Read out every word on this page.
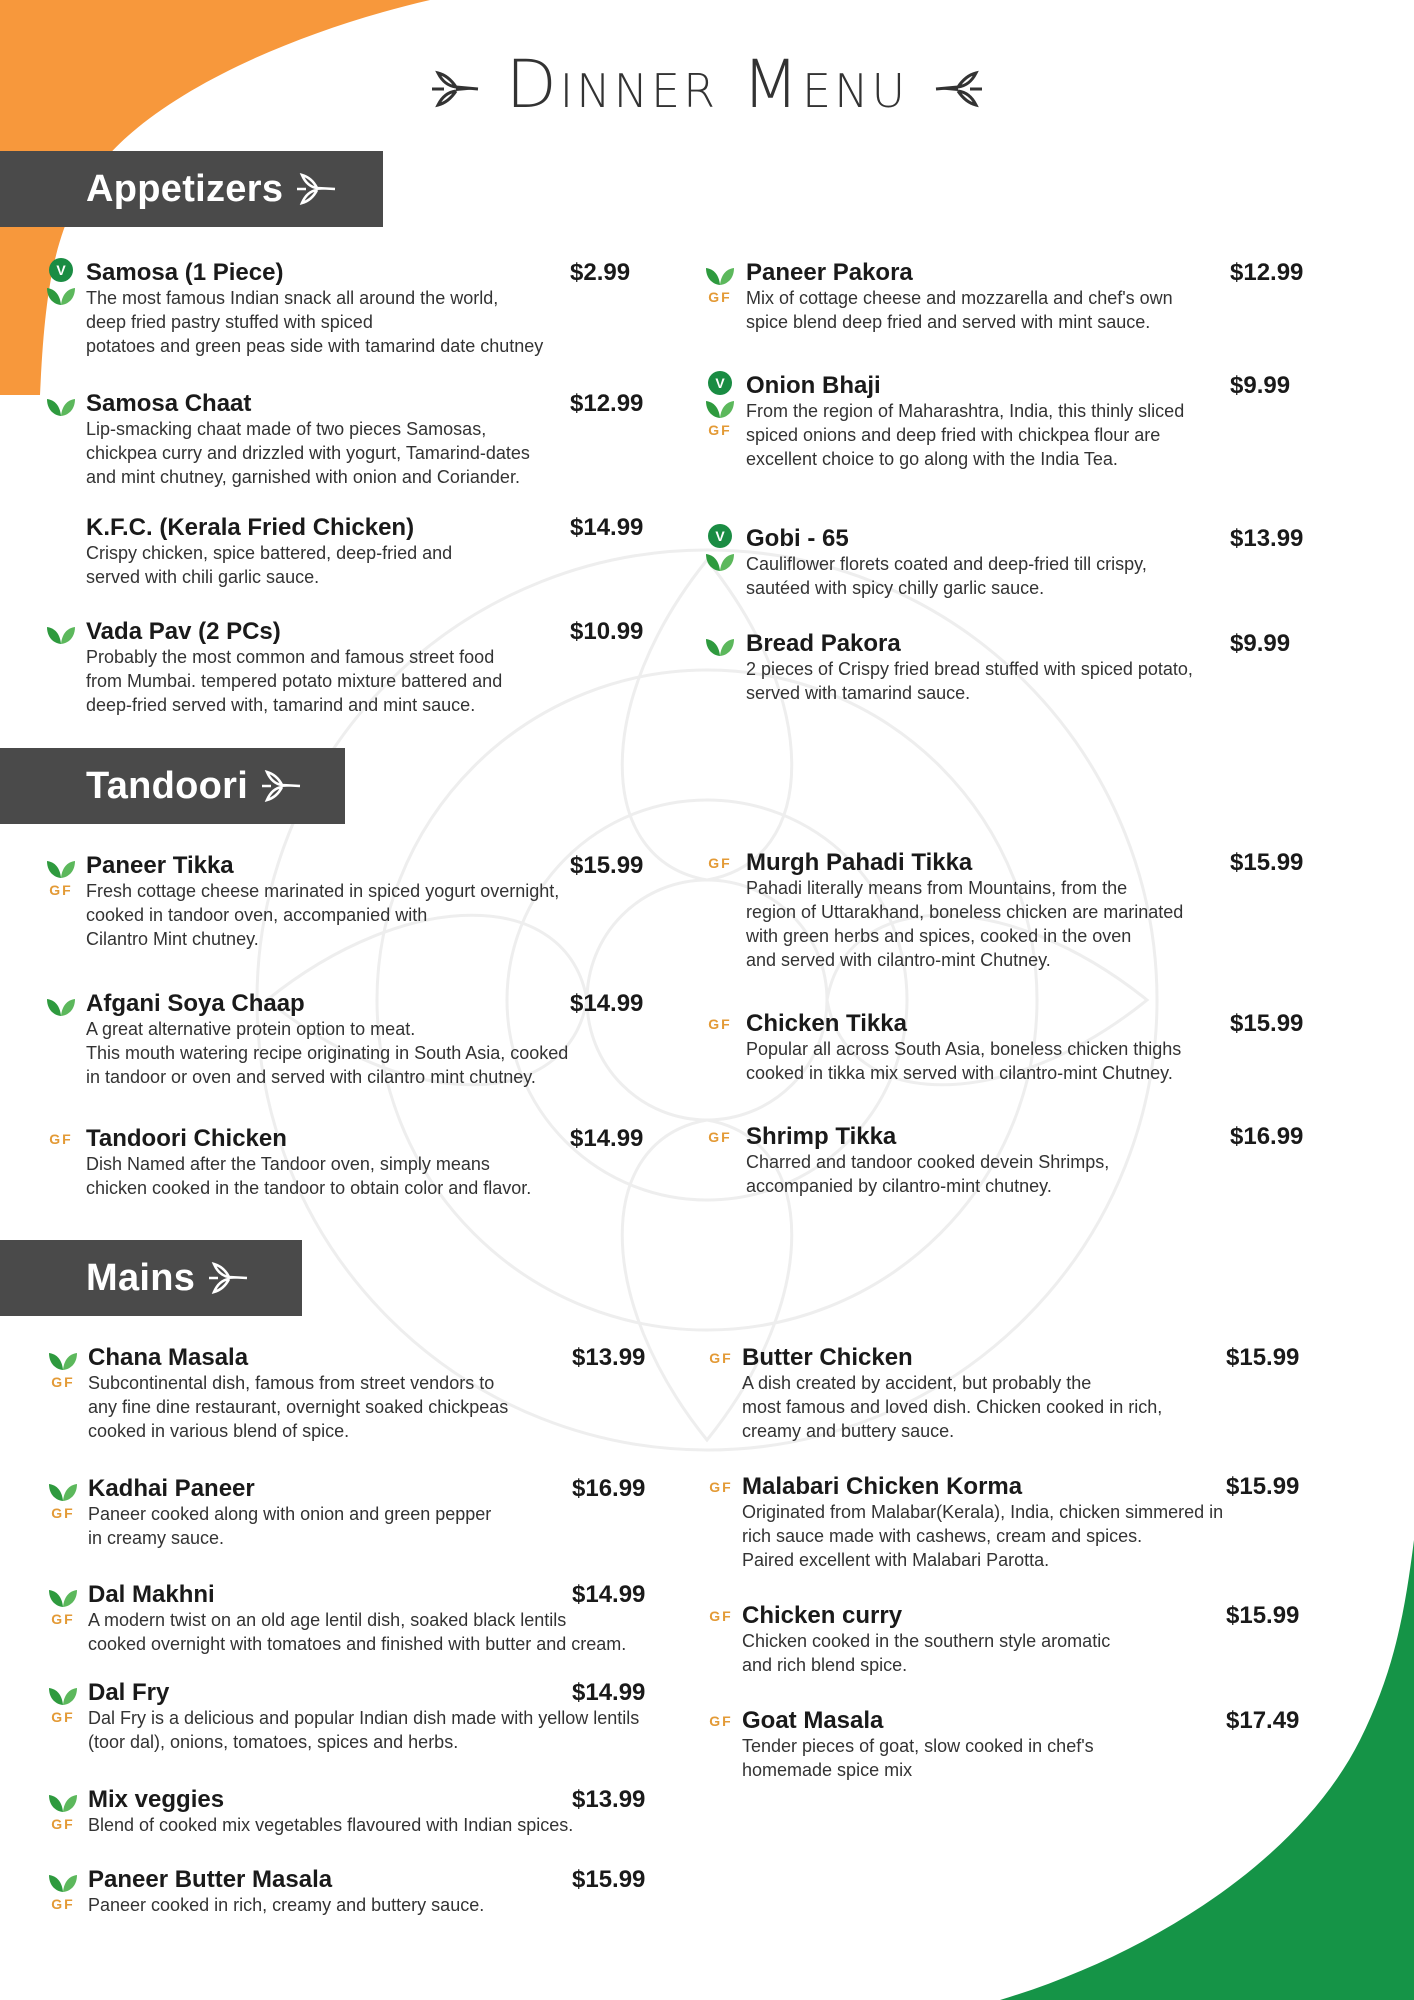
Dinner Menu
Appetizers
Tandoori
Mains
Samosa (1 Piece)	$2.99
The most famous Indian snack all around the world,
deep fried pastry stuffed with spiced
potatoes and green peas side with tamarind date chutney
V
Samosa Chaat	$12.99
Lip-smacking chaat made of two pieces Samosas,
chickpea curry and drizzled with yogurt, Tamarind-dates
and mint chutney, garnished with onion and Coriander.
K.F.C. (Kerala Fried Chicken)	$14.99
Crispy chicken, spice battered, deep-fried and
served with chili garlic sauce.
Vada Pav (2 PCs)	$10.99
Probably the most common and famous street food
from Mumbai. tempered potato mixture battered and
deep-fried served with, tamarind and mint sauce.
Paneer Pakora	$12.99
Mix of cottage cheese and mozzarella and chef's own
spice blend deep fried and served with mint sauce.
GF
Onion Bhaji	$9.99
From the region of Maharashtra, India, this thinly sliced
spiced onions and deep fried with chickpea flour are
excellent choice to go along with the India Tea.
V
GF
Gobi - 65	$13.99
Cauliflower florets coated and deep-fried till crispy,
sautéed with spicy chilly garlic sauce.
V
Bread Pakora	$9.99
2 pieces of Crispy fried bread stuffed with spiced potato,
served with tamarind sauce.
Paneer Tikka	$15.99
Fresh cottage cheese marinated in spiced yogurt overnight,
cooked in tandoor oven, accompanied with
Cilantro Mint chutney.
GF
Afgani Soya Chaap	$14.99
A great alternative protein option to meat.
This mouth watering recipe originating in South Asia, cooked
in tandoor or oven and served with cilantro mint chutney.
Tandoori Chicken	$14.99
Dish Named after the Tandoor oven, simply means
chicken cooked in the tandoor to obtain color and flavor.
GF
Murgh Pahadi Tikka	$15.99
Pahadi literally means from Mountains, from the
region of Uttarakhand, boneless chicken are marinated
with green herbs and spices, cooked in the oven
and served with cilantro-mint Chutney.
GF
Chicken Tikka	$15.99
Popular all across South Asia, boneless chicken thighs
cooked in tikka mix served with cilantro-mint Chutney.
GF
Shrimp Tikka	$16.99
Charred and tandoor cooked devein Shrimps,
accompanied by cilantro-mint chutney.
GF
Chana Masala	$13.99
Subcontinental dish, famous from street vendors to
any fine dine restaurant, overnight soaked chickpeas
cooked in various blend of spice.
GF
Kadhai Paneer	$16.99
Paneer cooked along with onion and green pepper
in creamy sauce.
GF
Dal Makhni	$14.99
A modern twist on an old age lentil dish, soaked black lentils
cooked overnight with tomatoes and finished with butter and cream.
GF
Dal Fry	$14.99
Dal Fry is a delicious and popular Indian dish made with yellow lentils
(toor dal), onions, tomatoes, spices and herbs.
GF
Mix veggies	$13.99
Blend of cooked mix vegetables flavoured with Indian spices.
GF
Paneer Butter Masala	$15.99
Paneer cooked in rich, creamy and buttery sauce.
GF
Butter Chicken	$15.99
A dish created by accident, but probably the
most famous and loved dish. Chicken cooked in rich,
creamy and buttery sauce.
GF
Malabari Chicken Korma	$15.99
Originated from Malabar(Kerala), India, chicken simmered in
rich sauce made with cashews, cream and spices.
Paired excellent with Malabari Parotta.
GF
Chicken curry	$15.99
Chicken cooked in the southern style aromatic
and rich blend spice.
GF
Goat Masala	$17.49
Tender pieces of goat, slow cooked in chef's
homemade spice mix
GF
